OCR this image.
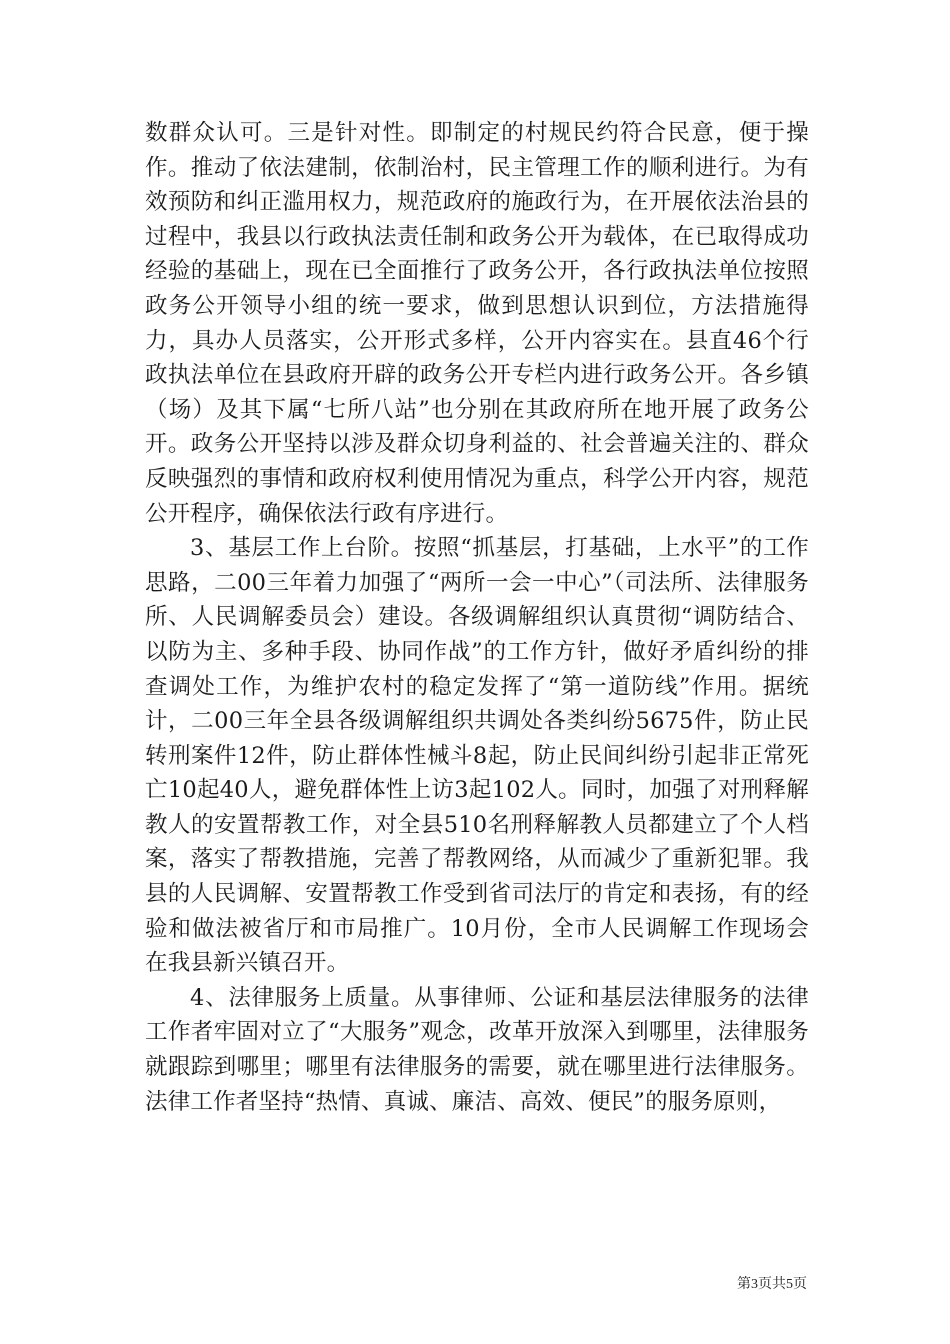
数群众认可。三是针对性。即制定的村规民约符合民意，便于操作。推动了依法建制，依制治村，民主管理工作的顺利进行。为有效预防和纠正滥用权力，规范政府的施政行为，在开展依法治县的过程中，我县以行政执法责任制和政务公开为载体，在已取得成功经验的基础上，现在已全面推行了政务公开，各行政执法单位按照政务公开领导小组的统一要求，做到思想认识到位，方法措施得力，具办人员落实，公开形式多样，公开内容实在。县直46个行政执法单位在县政府开辟的政务公开专栏内进行政务公开。各乡镇（场）及其下属“七所八站”也分别在其政府所在地开展了政务公开。政务公开坚持以涉及群众切身利益的、社会普遍关注的、群众反映强烈的事情和政府权利使用情况为重点，科学公开内容，规范公开程序，确保依法行政有序进行。

3、基层工作上台阶。按照“抓基层，打基础，上水平”的工作思路，二00三年着力加强了“两所一会一中心”（司法所、法律服务所、人民调解委员会）建设。各级调解组织认真贯彻“调防结合、以防为主、多种手段、协同作战”的工作方针，做好矛盾纠纷的排查调处工作，为维护农村的稳定发挥了“第一道防线”作用。据统计，二00三年全县各级调解组织共调处各类纠纷5675件，防止民转刑案件12件，防止群体性械斗8起，防止民间纠纷引起非正常死亡10起40人，避免群体性上访3起102人。同时，加强了对刑释解教人的安置帮教工作，对全县510名刑释解教人员都建立了个人档案，落实了帮教措施，完善了帮教网络，从而减少了重新犯罪。我县的人民调解、安置帮教工作受到省司法厅的肯定和表扬，有的经验和做法被省厅和市局推广。10月份，全市人民调解工作现场会在我县新兴镇召开。

4、法律服务上质量。从事律师、公证和基层法律服务的法律工作者牢固对立了“大服务”观念，改革开放深入到哪里，法律服务就跟踪到哪里；哪里有法律服务的需要，就在哪里进行法律服务。法律工作者坚持“热情、真诚、廉洁、高效、便民”的服务原则，

第3页共5页
